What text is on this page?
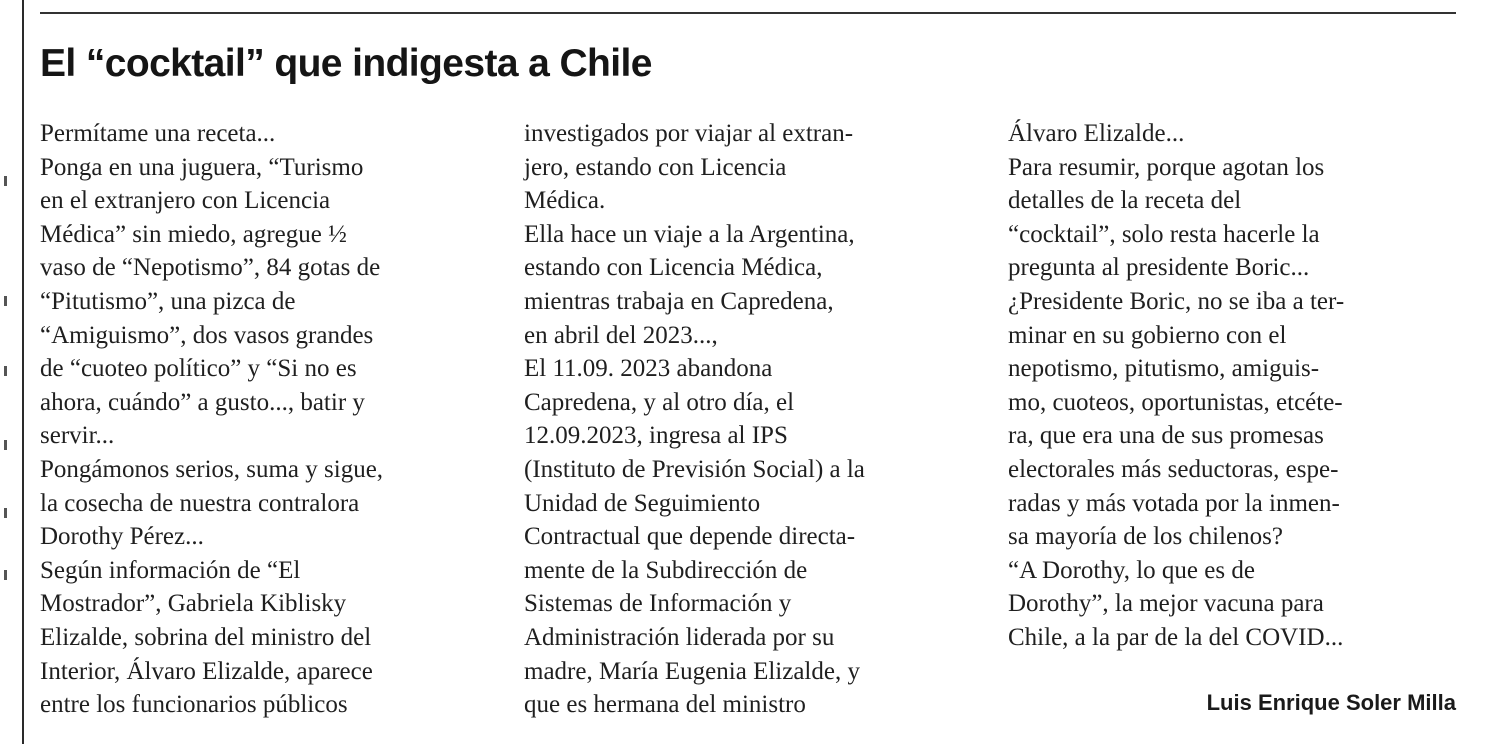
El “cocktail” que indigesta a Chile
Permítame una receta...
Ponga en una juguera, “Turismo
en el extranjero con Licencia
Médica” sin miedo, agregue ½
vaso de “Nepotismo”, 84 gotas de
“Pitutismo”, una pizca de
“Amiguismo”, dos vasos grandes
de “cuoteo político” y “Si no es
ahora, cuándo” a gusto..., batir y
servir...
Pongámonos serios, suma y sigue,
la cosecha de nuestra contralora
Dorothy Pérez...
Según información de “El
Mostrador”, Gabriela Kiblisky
Elizalde, sobrina del ministro del
Interior, Álvaro Elizalde, aparece
entre los funcionarios públicos
investigados por viajar al extran-
jero, estando con Licencia
Médica.
Ella hace un viaje a la Argentina,
estando con Licencia Médica,
mientras trabaja en Capredena,
en abril del 2023...,
El 11.09. 2023 abandona
Capredena, y al otro día, el
12.09.2023, ingresa al IPS
(Instituto de Previsión Social) a la
Unidad de Seguimiento
Contractual que depende directa-
mente de la Subdirección de
Sistemas de Información y
Administración liderada por su
madre, María Eugenia Elizalde, y
que es hermana del ministro
Álvaro Elizalde...
Para resumir, porque agotan los
detalles de la receta del
“cocktail”, solo resta hacerle la
pregunta al presidente Boric...
¿Presidente Boric, no se iba a ter-
minar en su gobierno con el
nepotismo, pitutismo, amiguis-
mo, cuoteos, oportunistas, etcéte-
ra, que era una de sus promesas
electorales más seductoras, espe-
radas y más votada por la inmen-
sa mayoría de los chilenos?
“A Dorothy, lo que es de
Dorothy”, la mejor vacuna para
Chile, a la par de la del COVID...
Luis Enrique Soler Milla
